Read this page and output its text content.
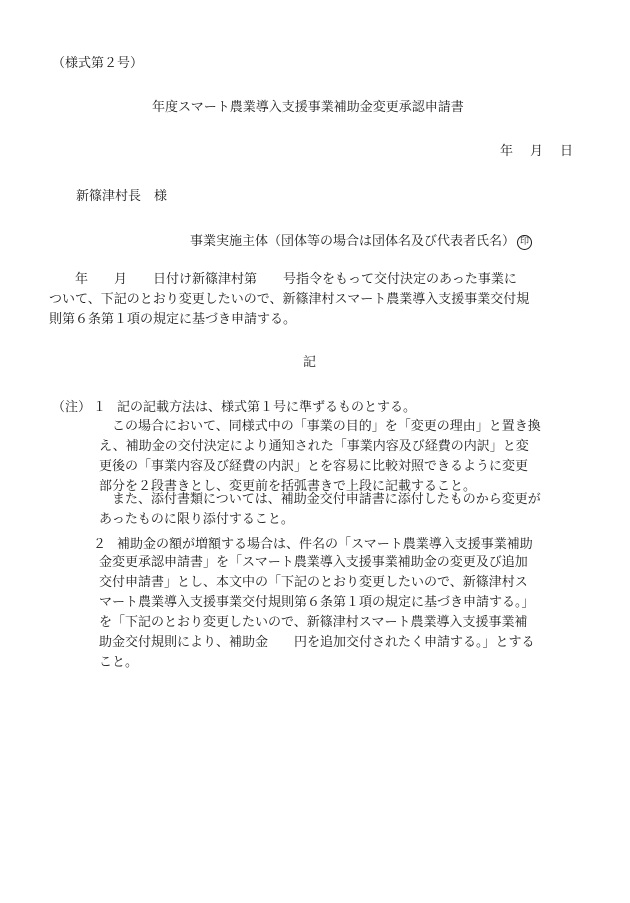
（様式第２号）
年度スマート農業導入支援事業補助金変更承認申請書
年　月　日
新篠津村長　様
事業実施主体（団体等の場合は団体名及び代表者氏名） 印
　　年　　月　　日付け新篠津村第　　号指令をもって交付決定のあった事業に
ついて、下記のとおり変更したいので、新篠津村スマート農業導入支援事業交付規
則第６条第１項の規定に基づき申請する。
記
（注） １ 記の記載方法は、様式第１号に準ずるものとする。
　この場合において、同様式中の「事業の目的」を「変更の理由」と置き換
え、補助金の交付決定により通知された「事業内容及び経費の内訳」と変
更後の「事業内容及び経費の内訳」とを容易に比較対照できるように変更
部分を２段書きとし、変更前を括弧書きで上段に記載すること。
　また、添付書類については、補助金交付申請書に添付したものから変更が
あったものに限り添付すること。
２ 補助金の額が増額する場合は、件名の「スマート農業導入支援事業補助
金変更承認申請書」を「スマート農業導入支援事業補助金の変更及び追加
交付申請書」とし、本文中の「下記のとおり変更したいので、新篠津村ス
マート農業導入支援事業交付規則第６条第１項の規定に基づき申請する。」
を「下記のとおり変更したいので、新篠津村スマート農業導入支援事業補
助金交付規則により、補助金　　円を追加交付されたく申請する。」とする
こと。
